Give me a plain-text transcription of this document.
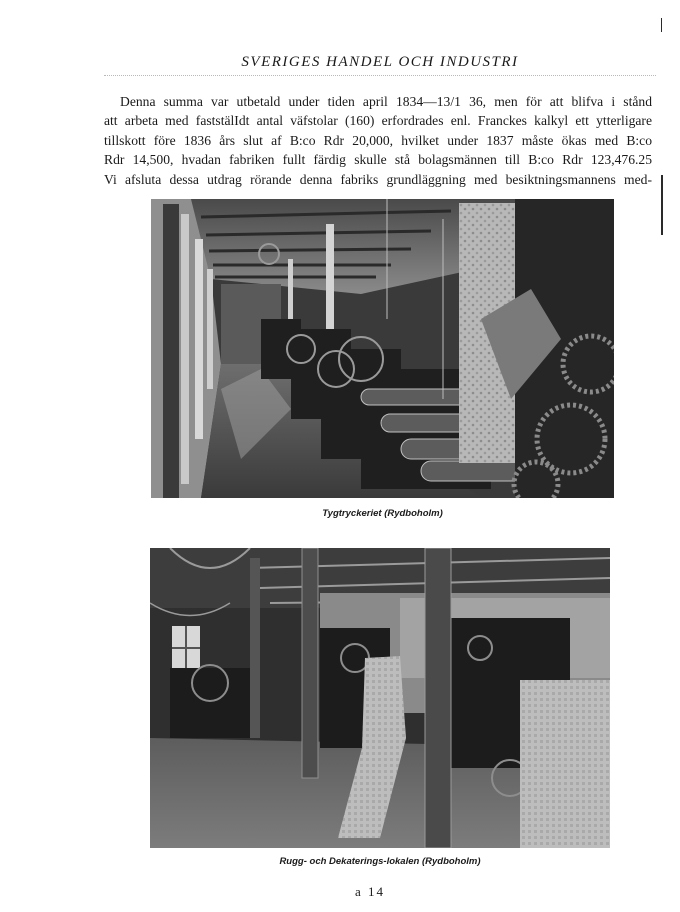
SVERIGES HANDEL OCH INDUSTRI
Denna summa var utbetald under tiden april 1834—13/1 36, men för att blifva i stånd
att arbeta med faststälIdt antal väfstolar (160) erfordrades enl. Franckes kalkyl ett ytterligare
tillskott före 1836 års slut af B:co Rdr 20,000, hvilket under 1837 måste ökas med B:co
Rdr 14,500, hvadan fabriken fullt färdig skulle stå bolagsmännen till B:co Rdr 123,476.25
Vi afsluta dessa utdrag rörande denna fabriks grundläggning med besiktningsmannens med-
Tygtryckeriet (Rydboholm)
Rugg- och Dekaterings-lokalen (Rydboholm)
a 14
